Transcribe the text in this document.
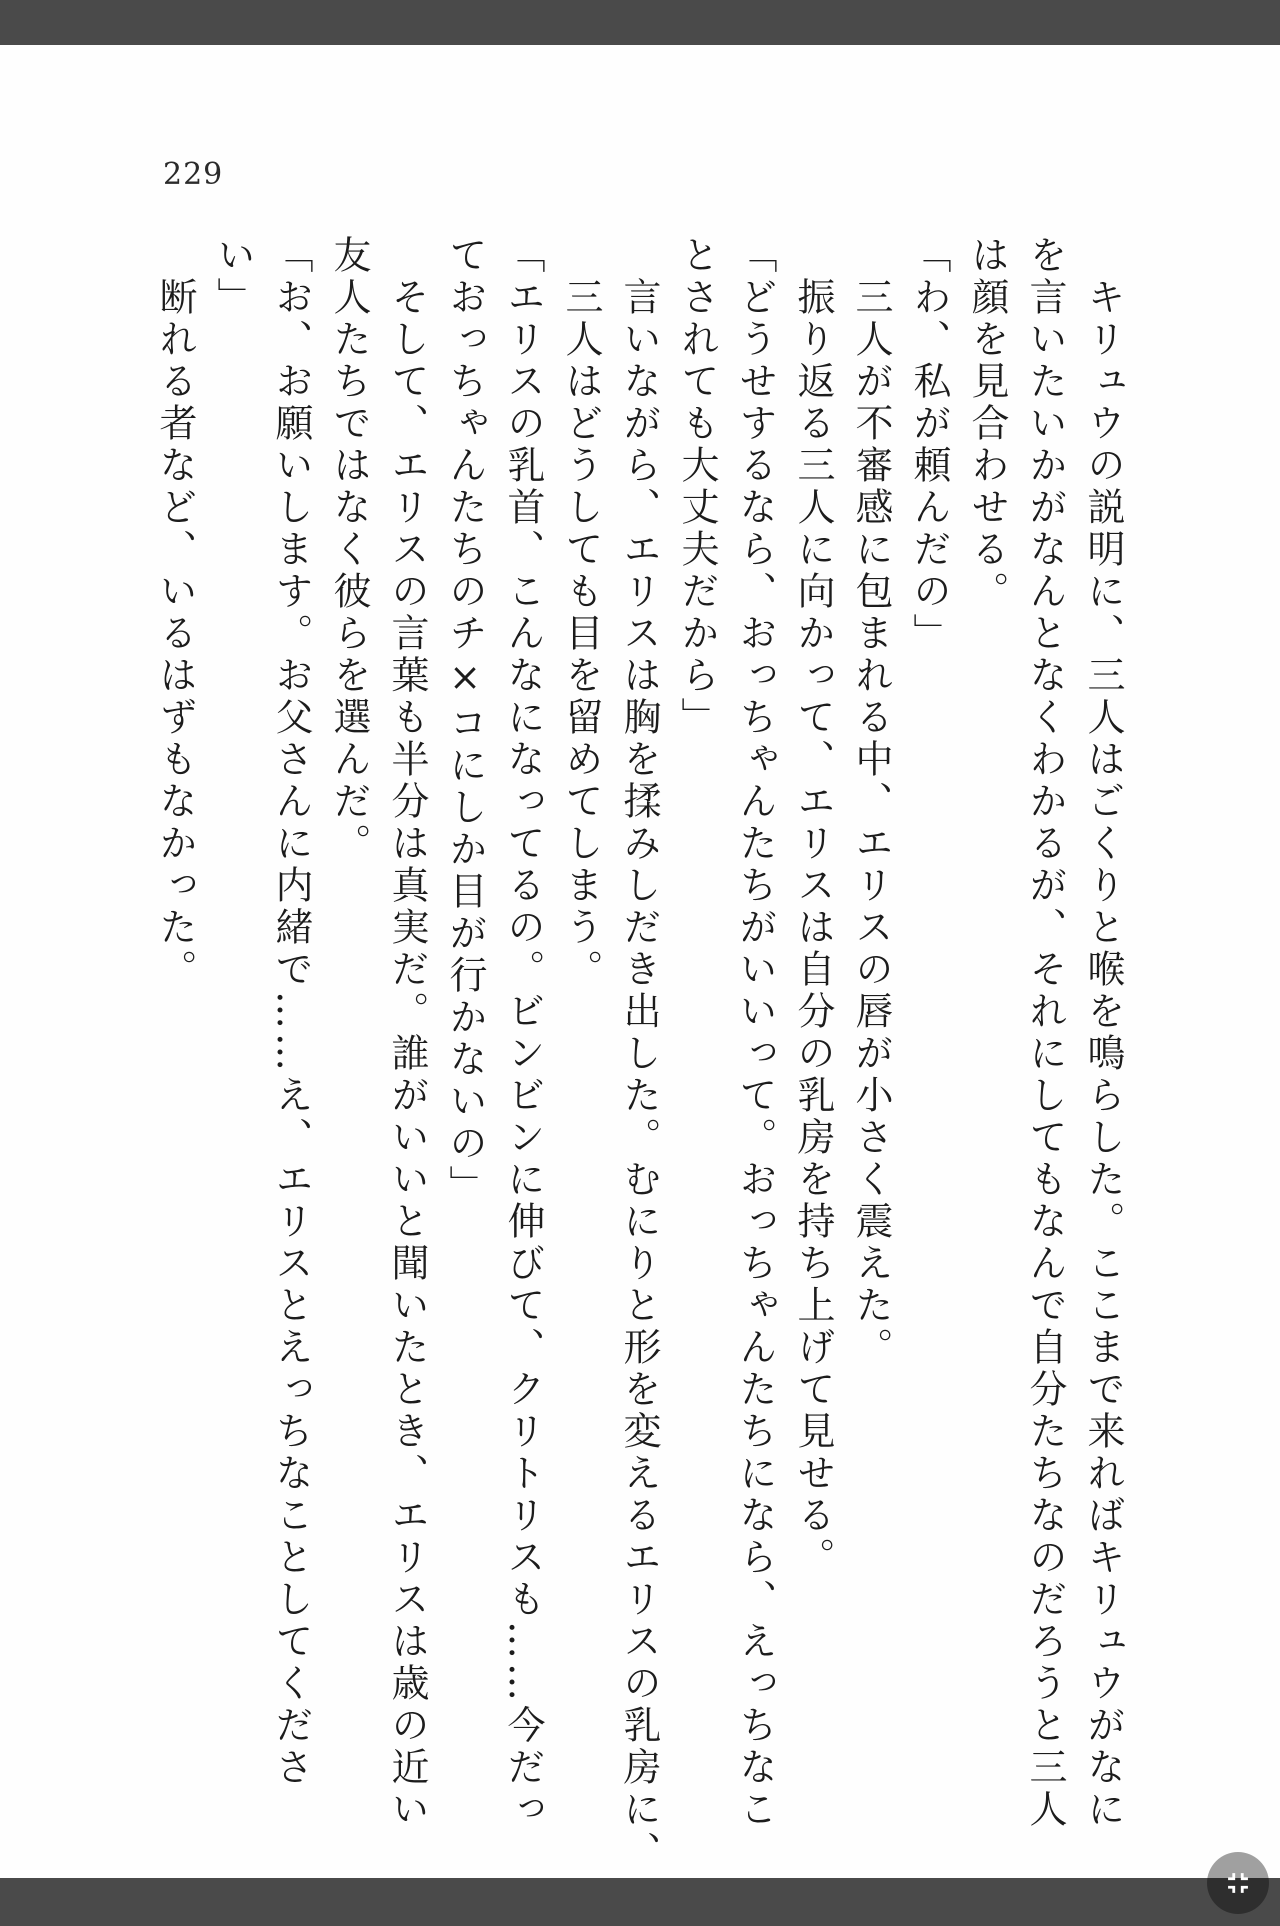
229
　キリュウの説明に、三人はごくりと喉を鳴らした。ここまで来ればキリュウがなに
を言いたいかがなんとなくわかるが、それにしてもなんで自分たちなのだろうと三人
は顔を見合わせる。
「わ、私が頼んだの」
　三人が不審感に包まれる中、エリスの唇が小さく震えた。
　振り返る三人に向かって、エリスは自分の乳房を持ち上げて見せる。
「どうせするなら、おっちゃんたちがいいって。おっちゃんたちになら、えっちなこ
とされても大丈夫だから」
　言いながら、エリスは胸を揉みしだき出した。むにりと形を変えるエリスの乳房に、
　三人はどうしても目を留めてしまう。
「エリスの乳首、こんなになってるの。ビンビンに伸びて、クリトリスも……今だっ
ておっちゃんたちのチ×コにしか目が行かないの」
　そして、エリスの言葉も半分は真実だ。誰がいいと聞いたとき、エリスは歳の近い
友人たちではなく彼らを選んだ。
「お、お願いします。お父さんに内緒で……え、エリスとえっちなことしてくださ
い」
　断れる者など、いるはずもなかった。
